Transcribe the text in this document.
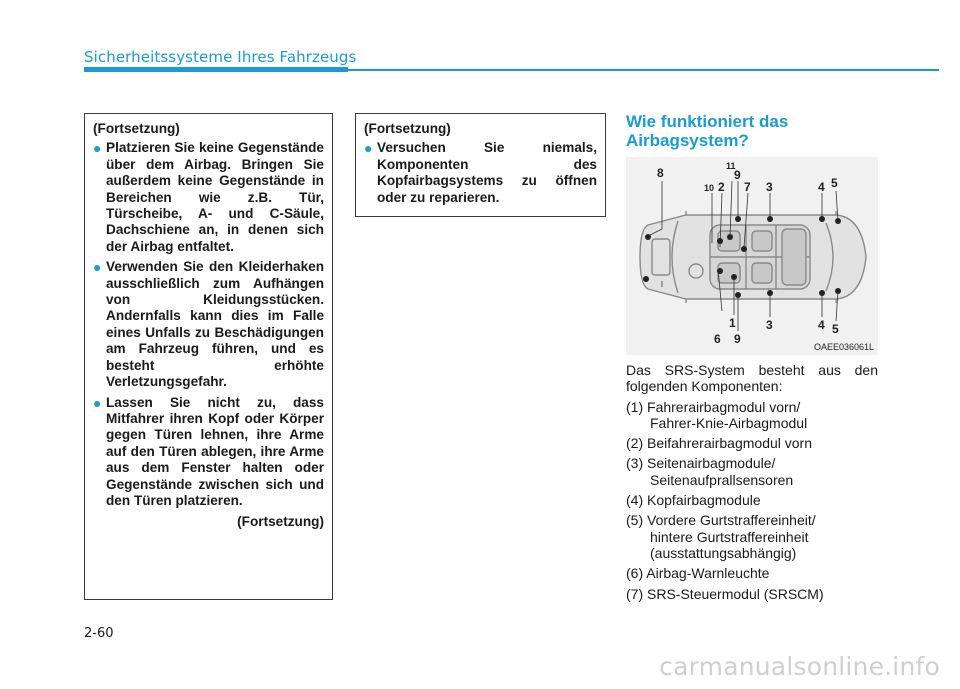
Sicherheitssysteme Ihres Fahrzeugs
(Fortsetzung)
● Platzieren Sie keine Gegenstände über dem Airbag. Bringen Sie außerdem keine Gegenstände in Bereichen wie z.B. Tür, Türscheibe, A- und C-Säule, Dachschiene an, in denen sich der Airbag entfaltet.
● Verwenden Sie den Kleiderhaken ausschließlich zum Aufhängen von Kleidungsstücken. Andernfalls kann dies im Falle eines Unfalls zu Beschädigungen am Fahrzeug führen, und es besteht erhöhte Verletzungsgefahr.
● Lassen Sie nicht zu, dass Mitfahrer ihren Kopf oder Körper gegen Türen lehnen, ihre Arme auf den Türen ablegen, ihre Arme aus dem Fenster halten oder Gegenstände zwischen sich und den Türen platzieren.
(Fortsetzung)
(Fortsetzung)
● Versuchen Sie niemals, Komponenten des Kopfairbagsystems zu öffnen oder zu reparieren.
Wie funktioniert das Airbagsystem?
8
10 2
11
9
7 3	4 5
6
1
9
3	4 5
OAEE036061L

Das SRS-System besteht aus den folgenden Komponenten:

(1) Fahrerairbagmodul vorn/
Fahrer-Knie-Airbagmodul
(2) Beifahrerairbagmodul vorn
(3) Seitenairbagmodule/
Seitenaufprallsensoren
(4) Kopfairbagmodule
(5) Vordere Gurtstraffereinheit/
hintere Gurtstraffereinheit
(ausstattungsabhängig)
(6) Airbag-Warnleuchte
(7) SRS-Steuermodul (SRSCM)
2-60
carmanualsonline.info
